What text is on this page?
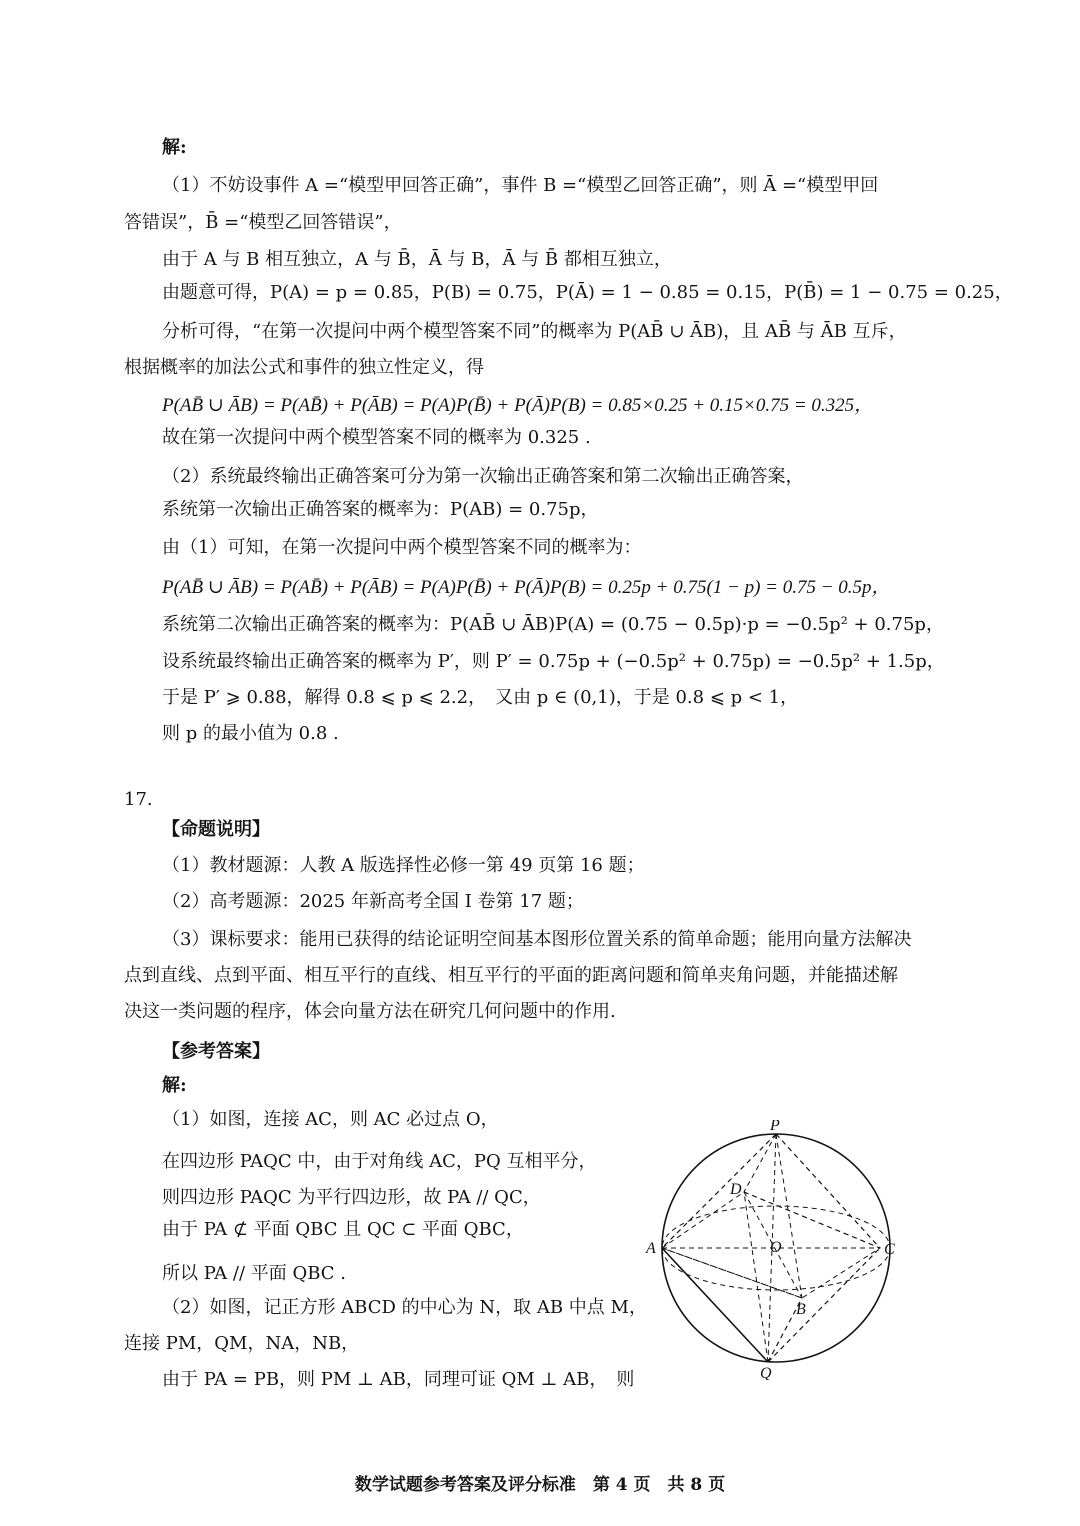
解:
（1）不妨设事件 A =“模型甲回答正确”，事件 B =“模型乙回答正确”，则 Ā =“模型甲回
答错误”，B̄ =“模型乙回答错误”，
由于 A 与 B 相互独立，A 与 B̄，Ā 与 B，Ā 与 B̄ 都相互独立，
由题意可得，P(A) = p = 0.85，P(B) = 0.75，P(Ā) = 1 − 0.85 = 0.15，P(B̄) = 1 − 0.75 = 0.25，
分析可得，“在第一次提问中两个模型答案不同”的概率为 P(AB̄ ∪ ĀB)，且 AB̄ 与 ĀB 互斥，
根据概率的加法公式和事件的独立性定义，得
P(AB̄ ∪ ĀB) = P(AB̄) + P(ĀB) = P(A)P(B̄) + P(Ā)P(B) = 0.85×0.25 + 0.15×0.75 = 0.325，
故在第一次提问中两个模型答案不同的概率为 0.325 .
（2）系统最终输出正确答案可分为第一次输出正确答案和第二次输出正确答案，
系统第一次输出正确答案的概率为：P(AB) = 0.75p，
由（1）可知，在第一次提问中两个模型答案不同的概率为：
P(AB̄ ∪ ĀB) = P(AB̄) + P(ĀB) = P(A)P(B̄) + P(Ā)P(B) = 0.25p + 0.75(1 − p) = 0.75 − 0.5p，
系统第二次输出正确答案的概率为：P(AB̄ ∪ ĀB)P(A) = (0.75 − 0.5p)·p = −0.5p² + 0.75p，
设系统最终输出正确答案的概率为 P′，则 P′ = 0.75p + (−0.5p² + 0.75p) = −0.5p² + 1.5p，
于是 P′ ⩾ 0.88，解得 0.8 ⩽ p ⩽ 2.2，　又由 p ∈ (0,1)，于是 0.8 ⩽ p < 1，
则 p 的最小值为 0.8 .
17.
【命题说明】
（1）教材题源：人教 A 版选择性必修一第 49 页第 16 题；
（2）高考题源：2025 年新高考全国 Ⅰ 卷第 17 题；
（3）课标要求：能用已获得的结论证明空间基本图形位置关系的简单命题；能用向量方法解决
点到直线、点到平面、相互平行的直线、相互平行的平面的距离问题和简单夹角问题，并能描述解
决这一类问题的程序，体会向量方法在研究几何问题中的作用.
【参考答案】
解:
（1）如图，连接 AC，则 AC 必过点 O，
在四边形 PAQC 中，由于对角线 AC，PQ 互相平分，
则四边形 PAQC 为平行四边形，故 PA // QC，
由于 PA ⊄ 平面 QBC 且 QC ⊂ 平面 QBC，
所以 PA // 平面 QBC .
（2）如图，记正方形 ABCD 的中心为 N，取 AB 中点 M，
连接 PM，QM，NA，NB，
由于 PA = PB，则 PM ⊥ AB，同理可证 QM ⊥ AB，　则
P
D
A	O	C
B
Q
数学试题参考答案及评分标准　第 4 页　共 8 页
